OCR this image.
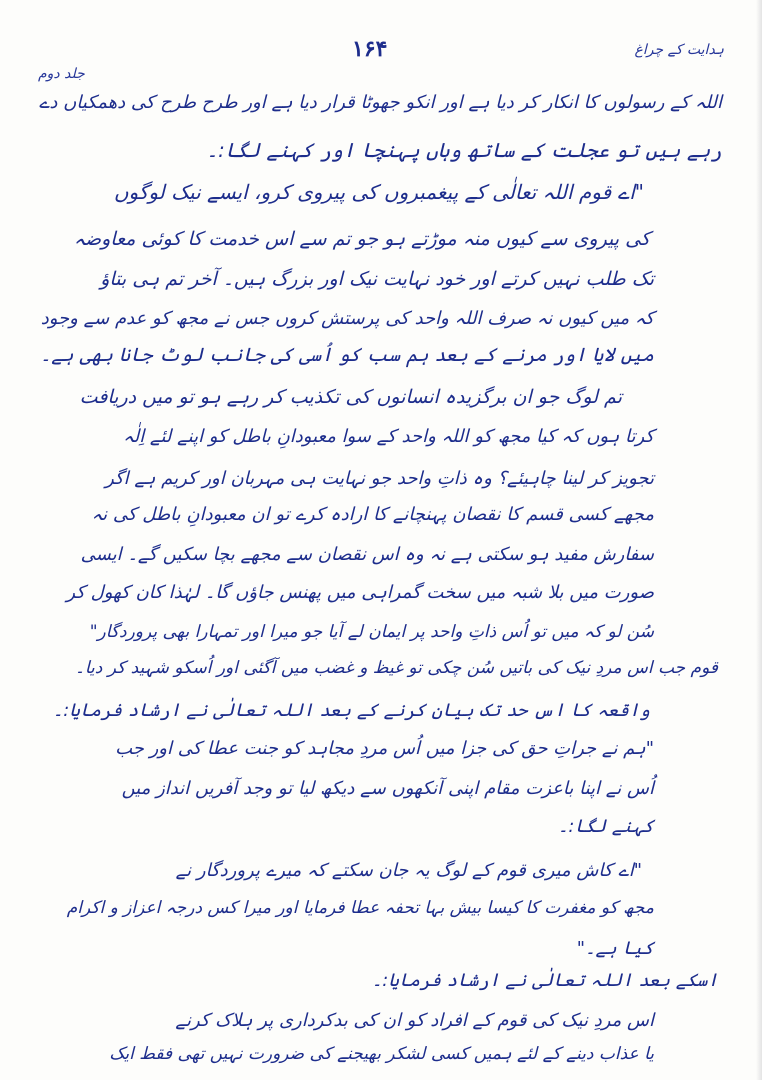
ہدایت کے چراغ
۱۶۴
جلد دوم
اللہ کے رسولوں کا انکار کر دیا ہے اور انکو جھوٹا قرار دیا ہے اور طرح طرح کی دھمکیاں دے
رہے ہیں تو عجلت کے ساتھ وہاں پہنچا اور کہنے لگا:۔
"اے قوم اللہ تعالٰی کے پیغمبروں کی پیروی کرو، ایسے نیک لوگوں
کی پیروی سے کیوں منہ موڑتے ہو جو تم سے اس خدمت کا کوئی معاوضہ
تک طلب نہیں کرتے اور خود نہایت نیک اور بزرگ ہیں۔ آخر تم ہی بتاؤ
کہ میں کیوں نہ صرف اللہ واحد کی پرستش کروں جس نے مجھ کو عدم سے وجود
میں لایا اور مرنے کے بعد ہم سب کو اُسی کی جانب لوٹ جانا بھی ہے۔
تم لوگ جو ان برگزیدہ انسانوں کی تکذیب کر رہے ہو تو میں دریافت
کرتا ہوں کہ کیا مجھ کو اللہ واحد کے سوا معبودانِ باطل کو اپنے لئے اِلٰہ
تجویز کر لینا چاہیئے؟ وہ ذاتِ واحد جو نہایت ہی مہربان اور کریم ہے اگر
مجھے کسی قسم کا نقصان پہنچانے کا ارادہ کرے تو ان معبودانِ باطل کی نہ
سفارش مفید ہو سکتی ہے نہ وہ اس نقصان سے مجھے بچا سکیں گے۔ ایسی
صورت میں بلا شبہ میں سخت گمراہی میں پھنس جاؤں گا۔ لہٰذا کان کھول کر
سُن لو کہ میں تو اُس ذاتِ واحد پر ایمان لے آیا جو میرا اور تمہارا بھی پروردگار"
قوم جب اس مردِ نیک کی باتیں سُن چکی تو غیظ و غضب میں آگئی اور اُسکو شہید کر دیا۔
واقعہ کا اس حد تک بیان کرنے کے بعد اللہ تعالٰی نے ارشاد فرمایا:۔
"ہم نے جراتِ حق کی جزا میں اُس مردِ مجاہد کو جنت عطا کی اور جب
اُس نے اپنا باعزت مقام اپنی آنکھوں سے دیکھ لیا تو وجد آفریں انداز میں
کہنے لگا:۔
"اے کاش میری قوم کے لوگ یہ جان سکتے کہ میرے پروردگار نے
مجھ کو مغفرت کا کیسا بیش بہا تحفہ عطا فرمایا اور میرا کس درجہ اعزاز و اکرام
کیا ہے۔"
اسکے بعد اللہ تعالٰی نے ارشاد فرمایا:۔
اس مردِ نیک کی قوم کے افراد کو ان کی بدکرداری پر ہلاک کرنے
یا عذاب دینے کے لئے ہمیں کسی لشکر بھیجنے کی ضرورت نہیں تھی فقط ایک
